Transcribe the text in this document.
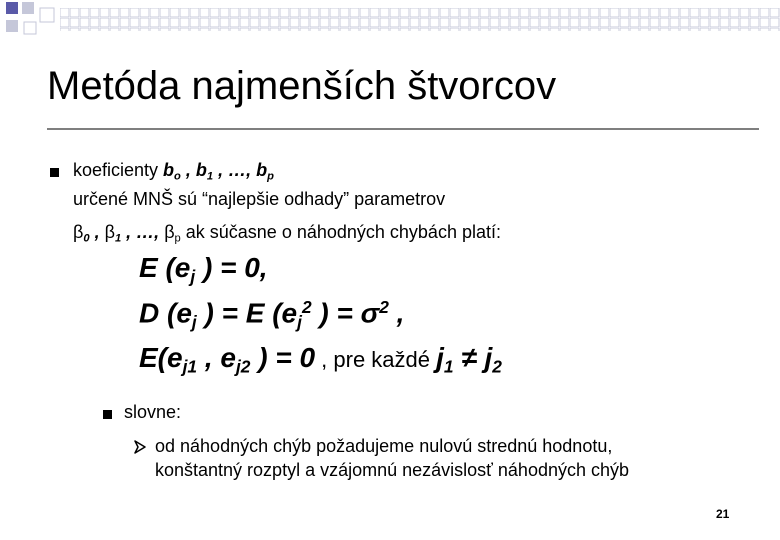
Metóda najmenších štvorcov
koeficienty $b_o$ , $b_1$ , …, $b_p$
určené MNŠ sú “najlepšie odhady” parametrov
$\beta_0$ , $\beta_1$ , …, $\beta_p$ ak súčasne o náhodných chybách platí:
E ($e_j$ ) = 0,
D ($e_j$ ) = E ($e_j^2$ ) = $\sigma^2$ ,
$E(e_{j1}$ , $e_{j2}$ ) = 0 , pre každé $j_1 \ne j_2$
slovne:
od náhodných chýb požadujeme nulovú strednú hodnotu,
konštantný rozptyl a vzájomnú nezávislosť náhodných chýb
21
